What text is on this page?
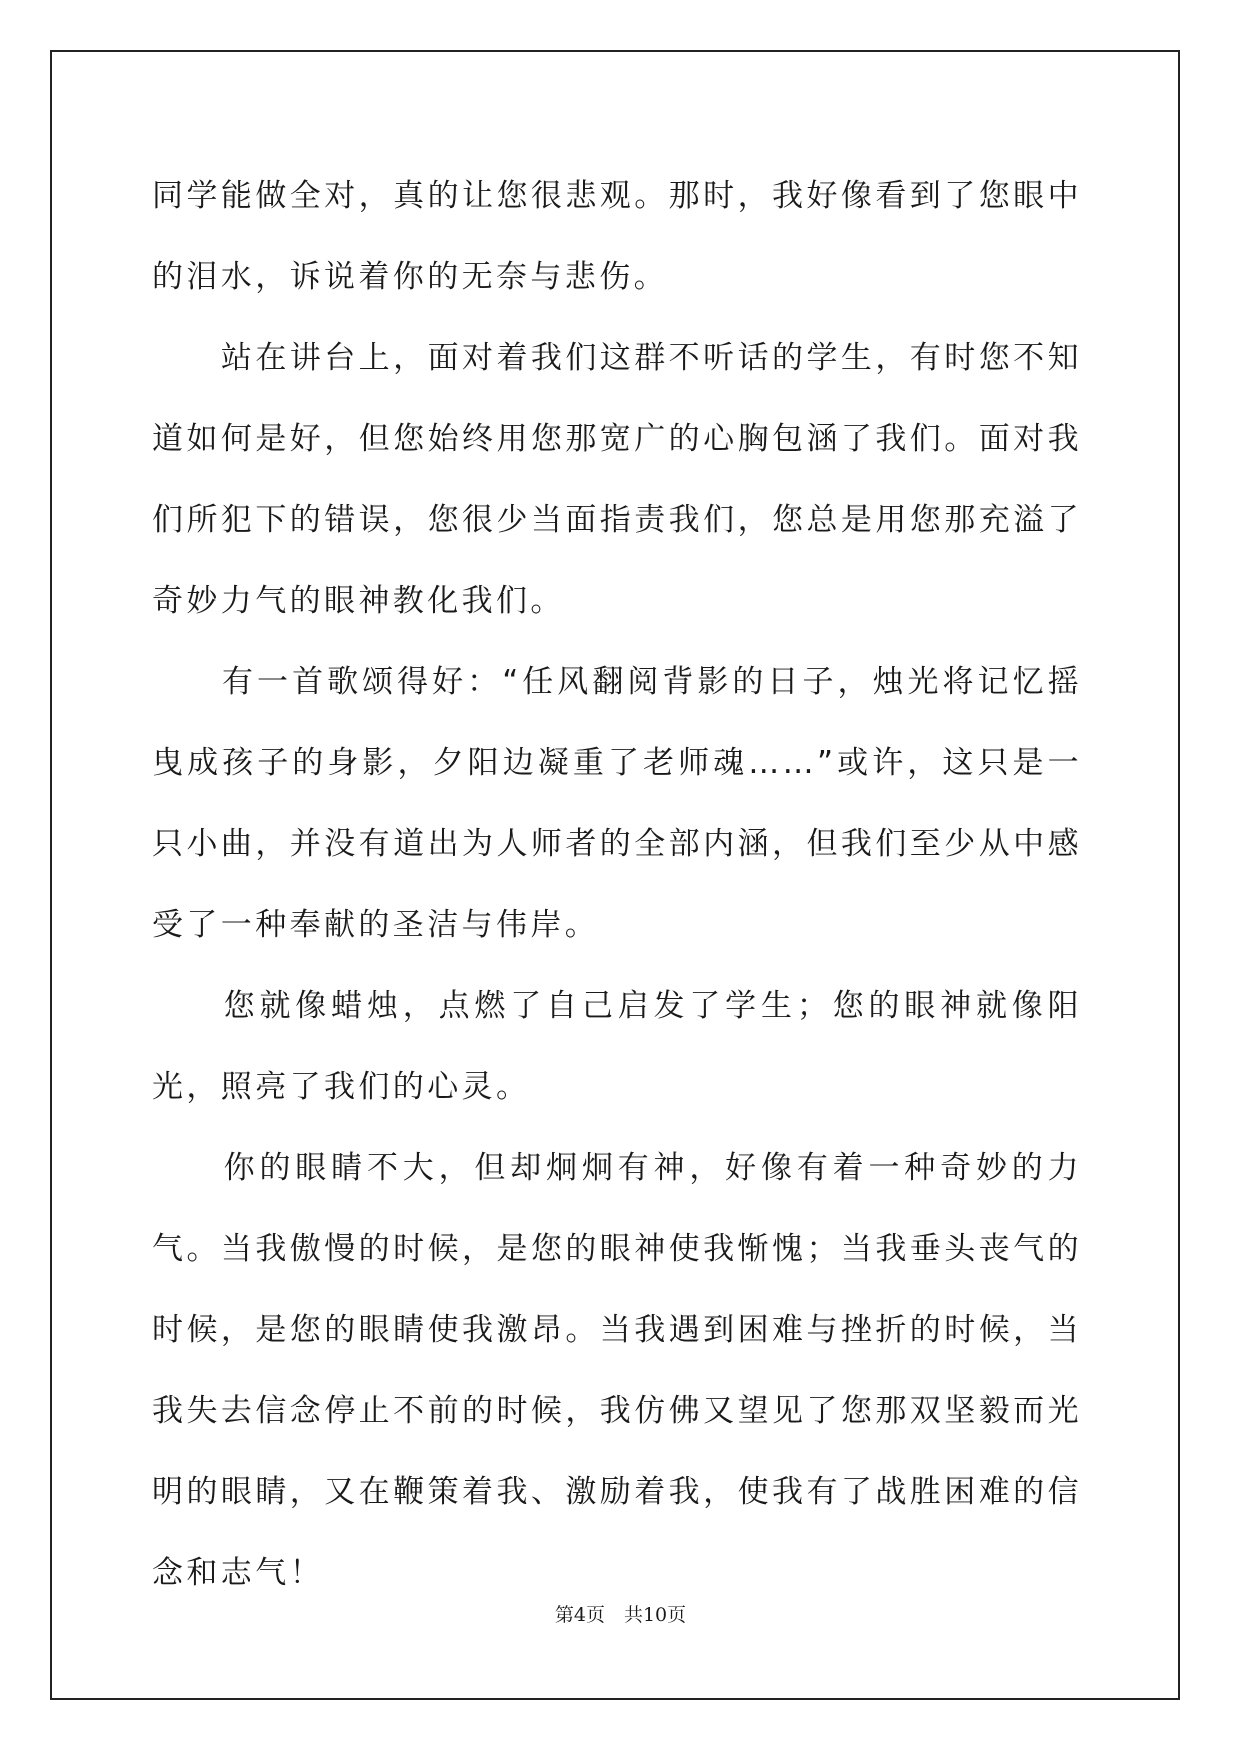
同学能做全对，真的让您很悲观。那时，我好像看到了您眼中的泪水，诉说着你的无奈与悲伤。

　　站在讲台上，面对着我们这群不听话的学生，有时您不知道如何是好，但您始终用您那宽广的心胸包涵了我们。面对我们所犯下的错误，您很少当面指责我们，您总是用您那充溢了奇妙力气的眼神教化我们。

　　有一首歌颂得好：“任风翻阅背影的日子，烛光将记忆摇曳成孩子的身影，夕阳边凝重了老师魂……”或许，这只是一只小曲，并没有道出为人师者的全部内涵，但我们至少从中感受了一种奉献的圣洁与伟岸。

　　您就像蜡烛，点燃了自己启发了学生；您的眼神就像阳光，照亮了我们的心灵。

　　你的眼睛不大，但却炯炯有神，好像有着一种奇妙的力气。当我傲慢的时候，是您的眼神使我惭愧；当我垂头丧气的时候，是您的眼睛使我激昂。当我遇到困难与挫折的时候，当我失去信念停止不前的时候，我仿佛又望见了您那双坚毅而光明的眼睛，又在鞭策着我、激励着我，使我有了战胜困难的信念和志气！

第4页　共10页
